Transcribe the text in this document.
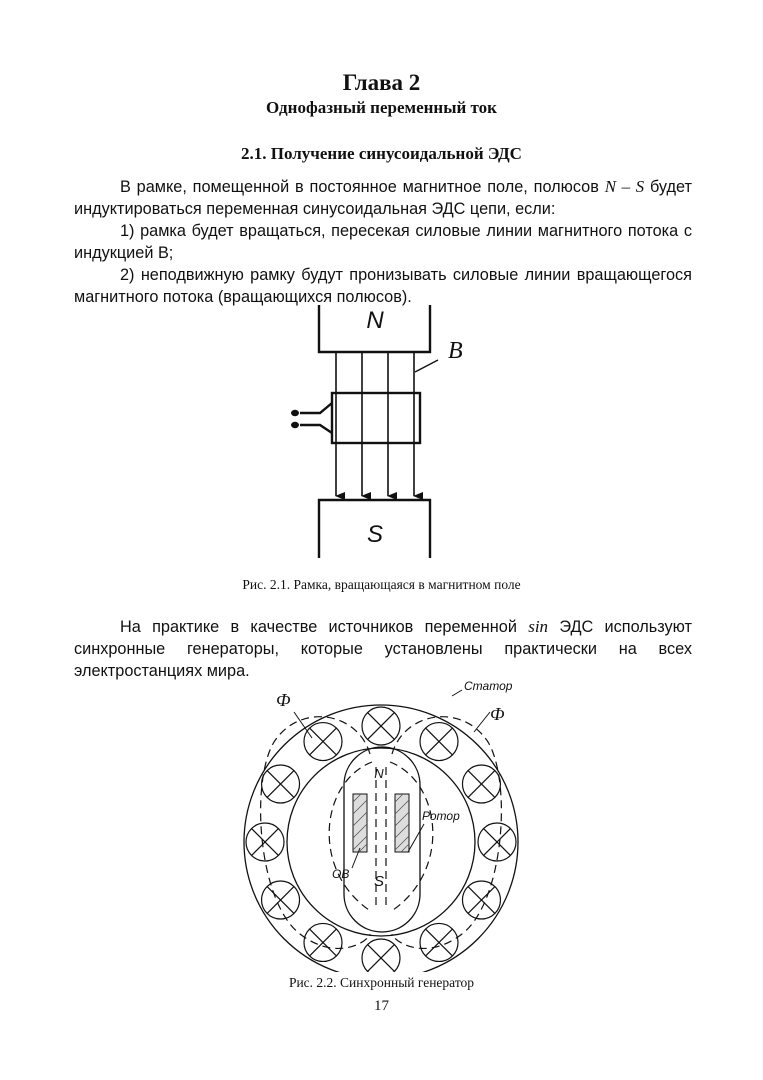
Глава 2
Однофазный переменный ток
2.1. Получение синусоидальной ЭДС

В рамке, помещенной в постоянное магнитное поле, полюсов N – S будет индуктироваться переменная синусоидальная ЭДС цепи, если:

1) рамка будет вращаться, пересекая силовые линии магнитного потока с индукцией В;

2) неподвижную рамку будут пронизывать силовые линии вращающегося магнитного потока (вращающихся полюсов).

N
S
B
Рис. 2.1. Рамка, вращающаяся в магнитном поле

На практике в качестве источников переменной sin ЭДС используют синхронные генераторы, которые установлены практически на всех электростанциях мира.

Статор
Ф
Ф
Ротор
ОВ
N
S
Рис. 2.2. Синхронный генератор
17
